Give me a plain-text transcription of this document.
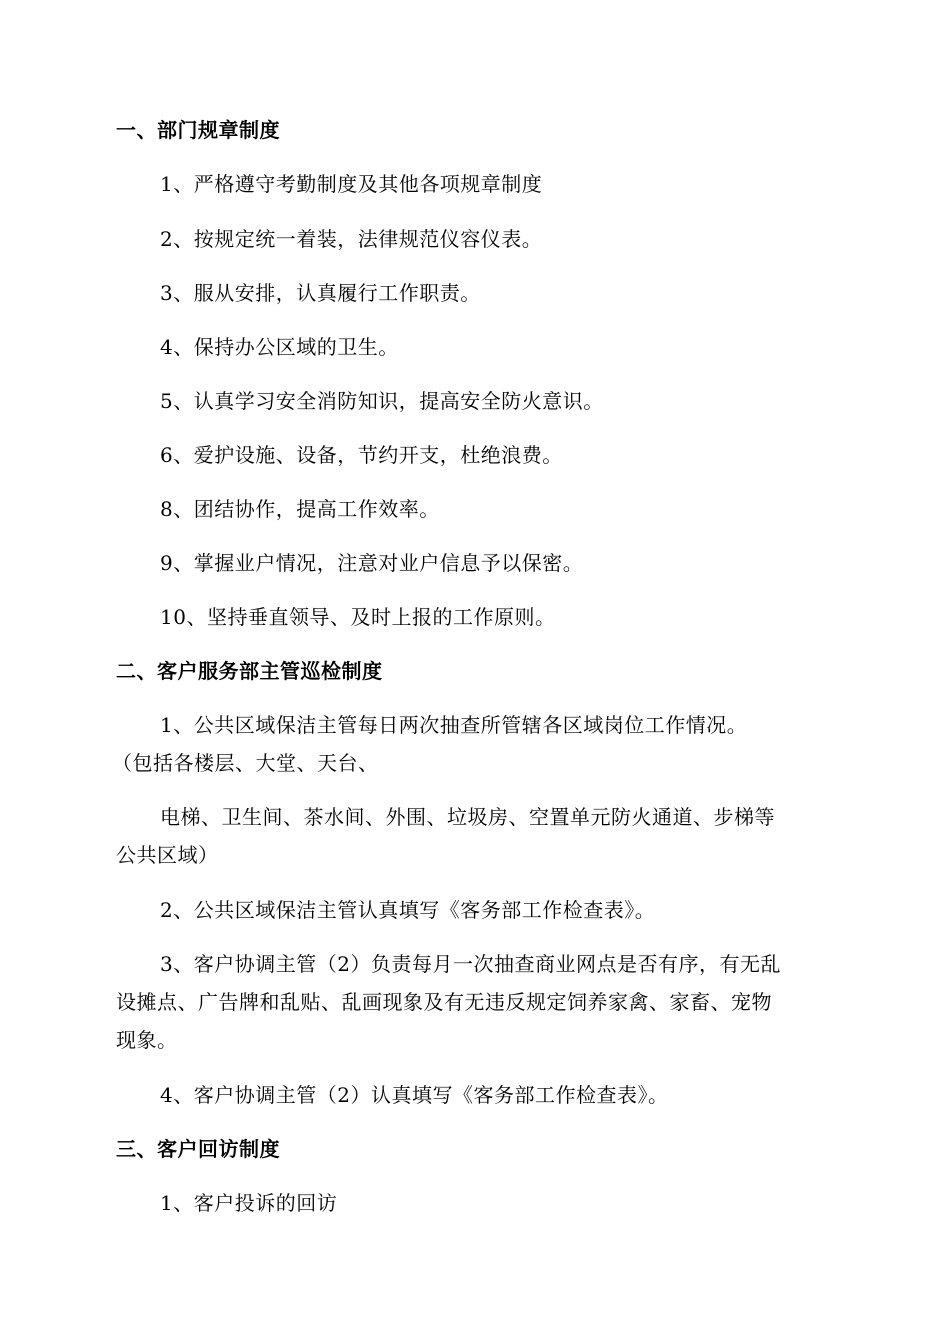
一、部门规章制度
1、严格遵守考勤制度及其他各项规章制度
2、按规定统一着装，法律规范仪容仪表。
3、服从安排，认真履行工作职责。
4、保持办公区域的卫生。
5、认真学习安全消防知识，提高安全防火意识。
6、爱护设施、设备，节约开支，杜绝浪费。
8、团结协作，提高工作效率。
9、掌握业户情况，注意对业户信息予以保密。
10、坚持垂直领导、及时上报的工作原则。
二、客户服务部主管巡检制度
1、公共区域保洁主管每日两次抽查所管辖各区域岗位工作情况。
（包括各楼层、大堂、天台、
电梯、卫生间、茶水间、外围、垃圾房、空置单元防火通道、步梯等
公共区域）
2、公共区域保洁主管认真填写《客务部工作检查表》。
3、客户协调主管（2）负责每月一次抽查商业网点是否有序，有无乱
设摊点、广告牌和乱贴、乱画现象及有无违反规定饲养家禽、家畜、宠物
现象。
4、客户协调主管（2）认真填写《客务部工作检查表》。
三、客户回访制度
1、客户投诉的回访
